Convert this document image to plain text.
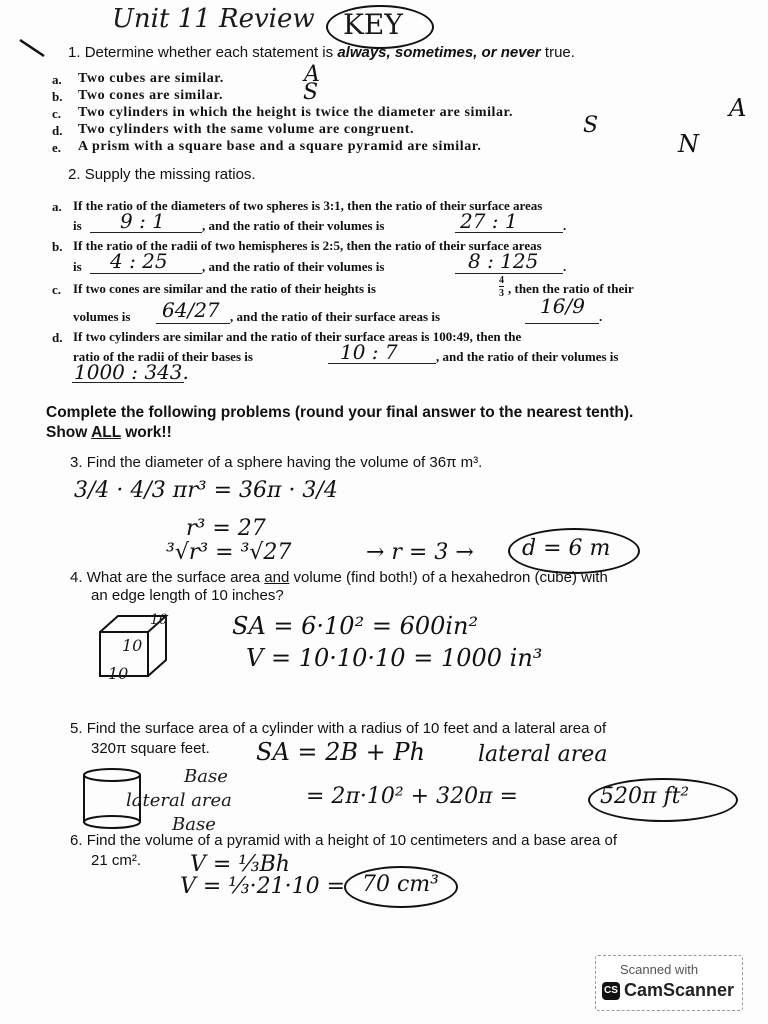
Unit 11 Review KEY
1. Determine whether each statement is always, sometimes, or never true.
a. Two cubes are similar.	A
b. Two cones are similar.	S
c. Two cylinders in which the height is twice the diameter are similar.	A
d. Two cylinders with the same volume are congruent.	S
e. A prism with a square base and a square pyramid are similar.	N
2. Supply the missing ratios.
a. If the ratio of the diameters of two spheres is 3:1, then the ratio of their surface areas
is 9 : 1	, and the ratio of their volumes is	27 : 1	.
b. If the ratio of the radii of two hemispheres is 2:5, then the ratio of their surface areas
is 4 : 25	, and the ratio of their volumes is	8 : 125 .
c. If two cones are similar and the ratio of their heights is
4
3 , then the ratio of their
volumes is 64/27 , and the ratio of their surface areas is	16/9 .
d. If two cylinders are similar and the ratio of their surface areas is 100:49, then the
ratio of the radii of their bases is	10 : 7	, and the ratio of their volumes is
1000 : 343.
Complete the following problems (round your final answer to the nearest tenth).
Show ALL work!!
3. Find the diameter of a sphere having the volume of 36π m³.
3/4 · 4/3 πr³ = 36π · 3/4
r³ = 27
³√r³ = ³√27	→ r = 3 → d = 6 m
4. What are the surface area and volume (find both!) of a hexahedron (cube) with
an edge length of 10 inches?
10
10
10
SA = 6·10² = 600in²
V = 10·10·10 = 1000 in³
5. Find the surface area of a cylinder with a radius of 10 feet and a lateral area of
320π square feet. SA = 2B + Ph lateral area
Base
lateral area
Base
= 2π·10² + 320π =	520π ft²
6. Find the volume of a pyramid with a height of 10 centimeters and a base area of
21 cm². V = ⅓Bh
V = ⅓·21·10 = 70 cm³
Scanned with
CS CamScanner
